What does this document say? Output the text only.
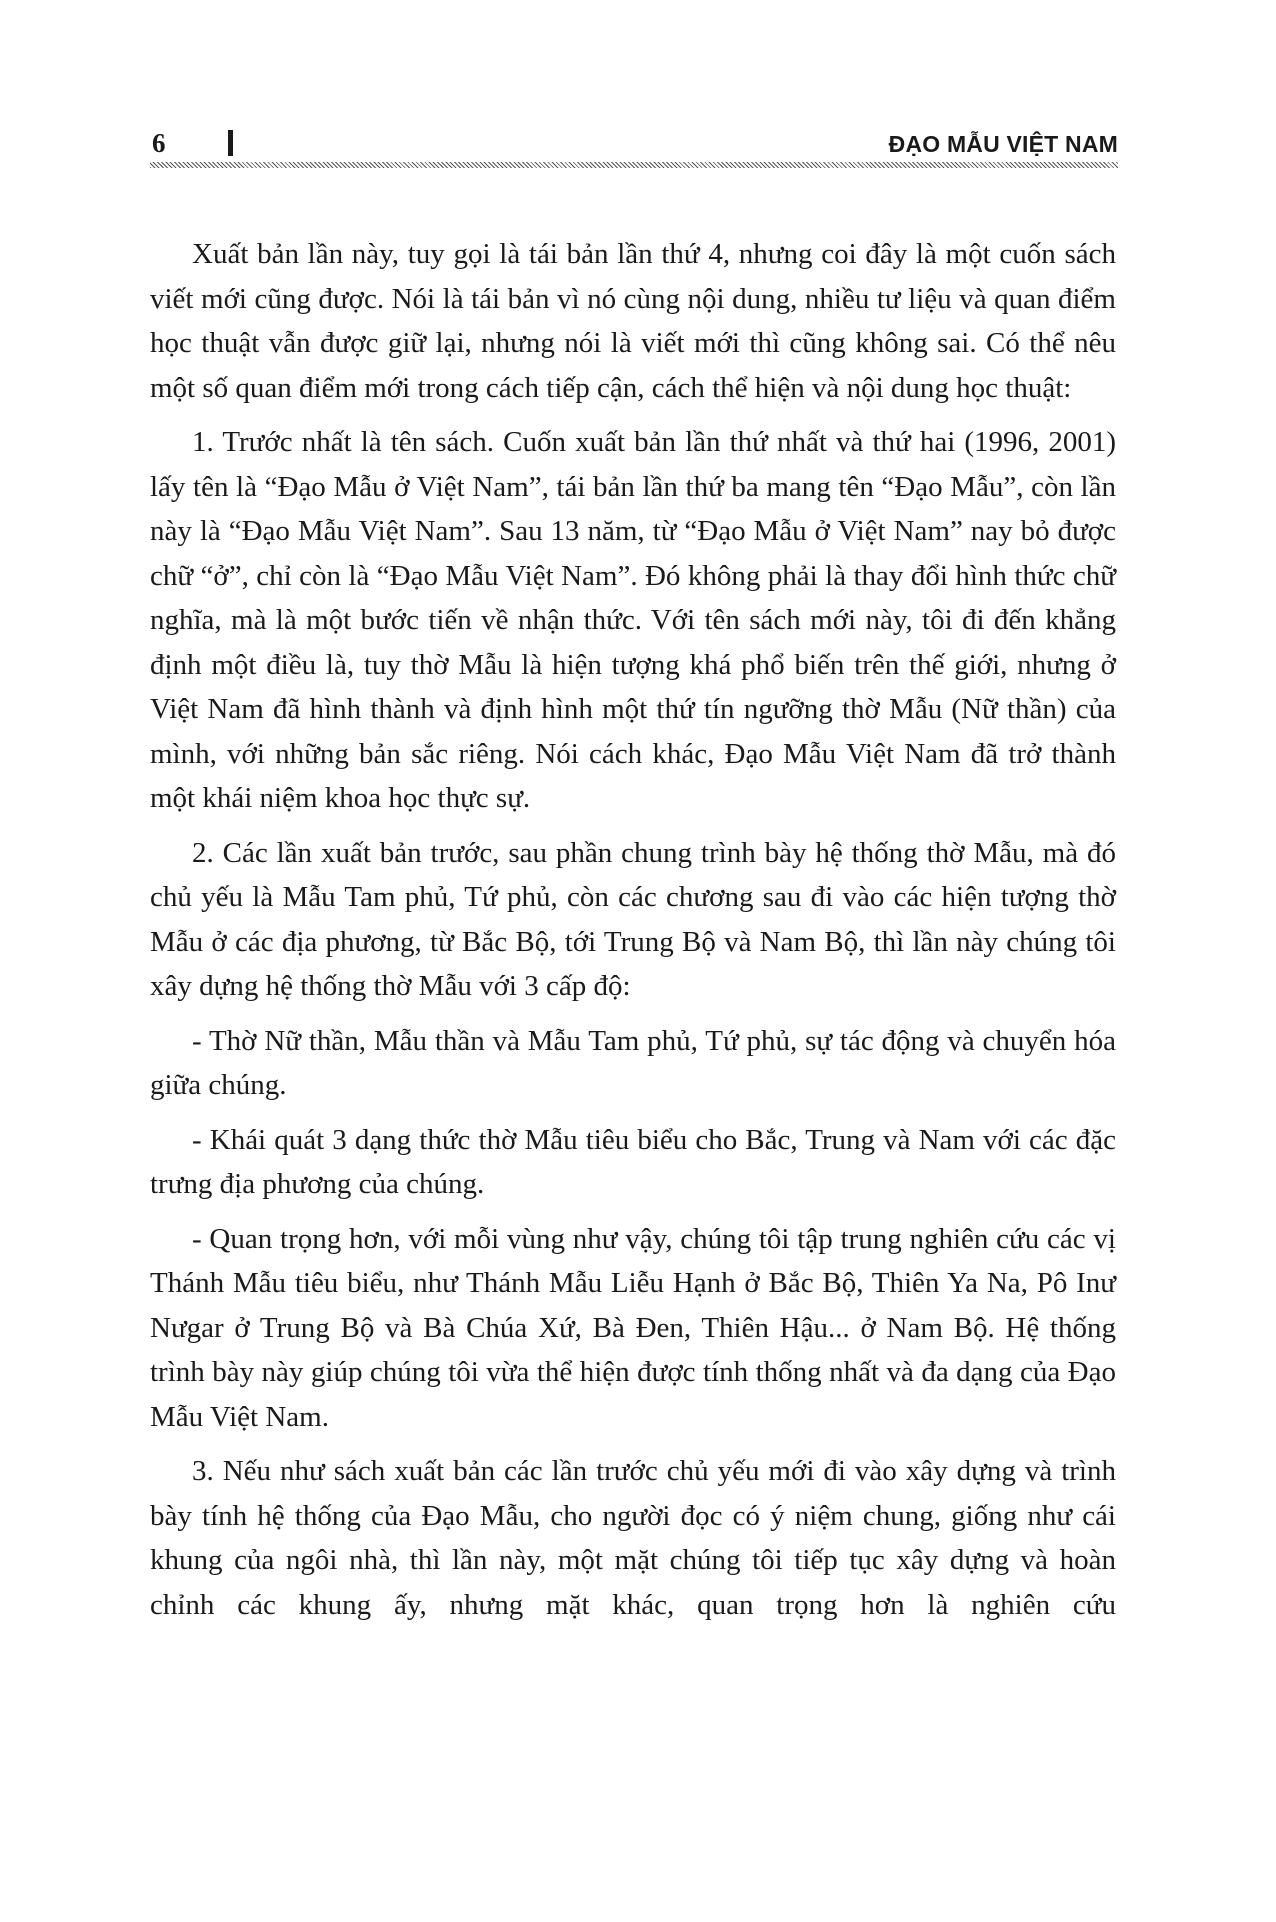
6	ĐẠO MẪU VIỆT NAM

Xuất bản lần này, tuy gọi là tái bản lần thứ 4, nhưng coi đây là một cuốn sách viết mới cũng được. Nói là tái bản vì nó cùng nội dung, nhiều tư liệu và quan điểm học thuật vẫn được giữ lại, nhưng nói là viết mới thì cũng không sai. Có thể nêu một số quan điểm mới trong cách tiếp cận, cách thể hiện và nội dung học thuật:

1. Trước nhất là tên sách. Cuốn xuất bản lần thứ nhất và thứ hai (1996, 2001) lấy tên là “Đạo Mẫu ở Việt Nam”, tái bản lần thứ ba mang tên “Đạo Mẫu”, còn lần này là “Đạo Mẫu Việt Nam”. Sau 13 năm, từ “Đạo Mẫu ở Việt Nam” nay bỏ được chữ “ở”, chỉ còn là “Đạo Mẫu Việt Nam”. Đó không phải là thay đổi hình thức chữ nghĩa, mà là một bước tiến về nhận thức. Với tên sách mới này, tôi đi đến khẳng định một điều là, tuy thờ Mẫu là hiện tượng khá phổ biến trên thế giới, nhưng ở Việt Nam đã hình thành và định hình một thứ tín ngưỡng thờ Mẫu (Nữ thần) của mình, với những bản sắc riêng. Nói cách khác, Đạo Mẫu Việt Nam đã trở thành một khái niệm khoa học thực sự.

2. Các lần xuất bản trước, sau phần chung trình bày hệ thống thờ Mẫu, mà đó chủ yếu là Mẫu Tam phủ, Tứ phủ, còn các chương sau đi vào các hiện tượng thờ Mẫu ở các địa phương, từ Bắc Bộ, tới Trung Bộ và Nam Bộ, thì lần này chúng tôi xây dựng hệ thống thờ Mẫu với 3 cấp độ:

- Thờ Nữ thần, Mẫu thần và Mẫu Tam phủ, Tứ phủ, sự tác động và chuyển hóa giữa chúng.

- Khái quát 3 dạng thức thờ Mẫu tiêu biểu cho Bắc, Trung và Nam với các đặc trưng địa phương của chúng.

- Quan trọng hơn, với mỗi vùng như vậy, chúng tôi tập trung nghiên cứu các vị Thánh Mẫu tiêu biểu, như Thánh Mẫu Liễu Hạnh ở Bắc Bộ, Thiên Ya Na, Pô Inư Nưgar ở Trung Bộ và Bà Chúa Xứ, Bà Đen, Thiên Hậu... ở Nam Bộ. Hệ thống trình bày này giúp chúng tôi vừa thể hiện được tính thống nhất và đa dạng của Đạo Mẫu Việt Nam.

3. Nếu như sách xuất bản các lần trước chủ yếu mới đi vào xây dựng và trình bày tính hệ thống của Đạo Mẫu, cho người đọc có ý niệm chung, giống như cái khung của ngôi nhà, thì lần này, một mặt chúng tôi tiếp tục xây dựng và hoàn chỉnh các khung ấy, nhưng mặt khác, quan trọng hơn là nghiên cứu
